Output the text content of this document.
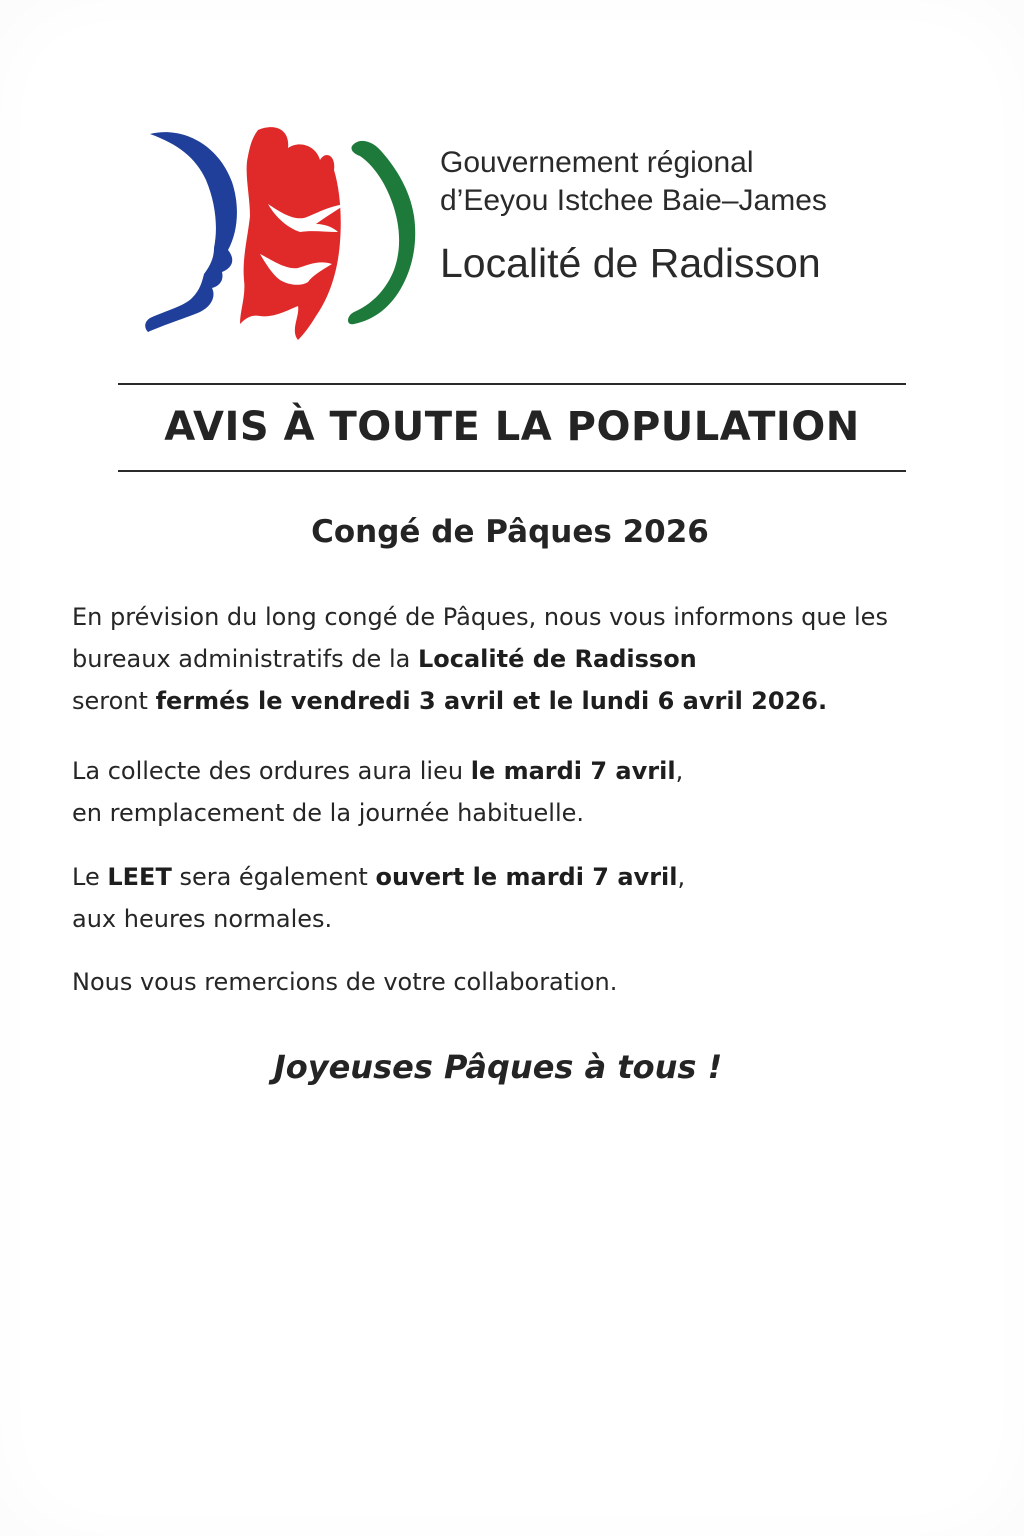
Gouvernement régional
d’Eeyou Istchee Baie–James
Localité de Radisson
AVIS À TOUTE LA POPULATION
Congé de Pâques 2026
En prévision du long congé de Pâques, nous vous informons que les bureaux administratifs de la Localité de Radisson
seront fermés le vendredi 3 avril et le lundi 6 avril 2026.
La collecte des ordures aura lieu le mardi 7 avril,
en remplacement de la journée habituelle.
Le LEET sera également ouvert le mardi 7 avril,
aux heures normales.
Nous vous remercions de votre collaboration.
Joyeuses Pâques à tous !
